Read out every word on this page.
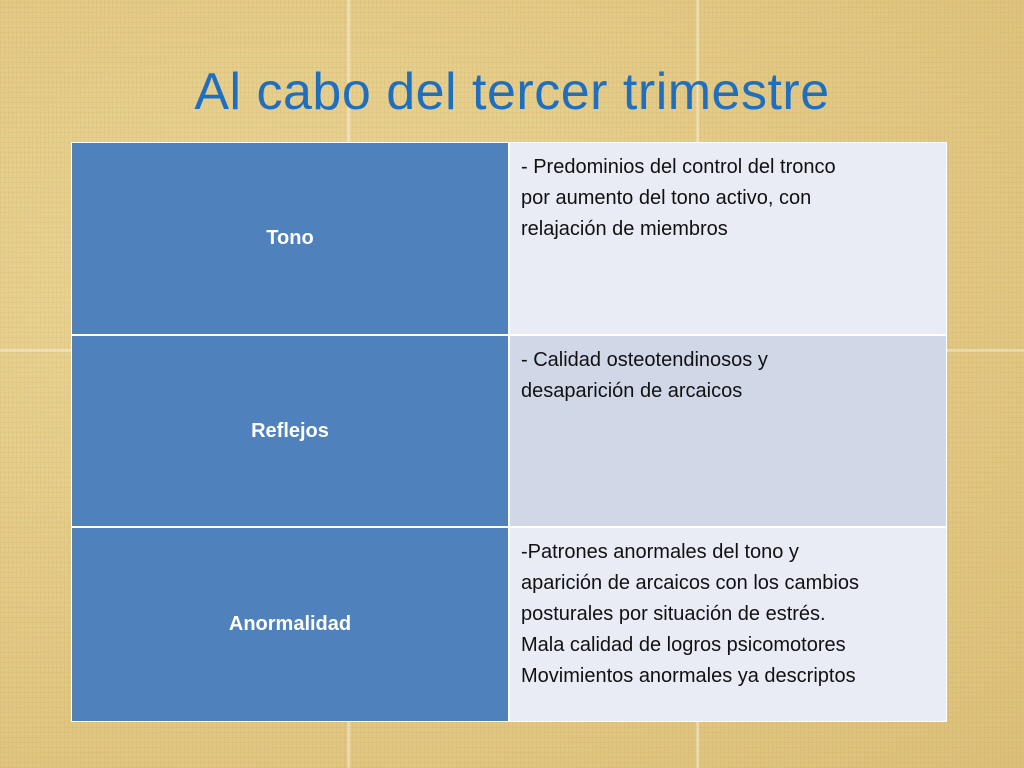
Al cabo del tercer trimestre
Tono
- Predominios del control del tronco
por aumento del tono activo, con
relajación de miembros
Reflejos
- Calidad osteotendinosos y
desaparición de arcaicos
Anormalidad
-Patrones anormales del tono y
aparición de arcaicos con los cambios
posturales por situación de estrés.
Mala calidad de logros psicomotores
Movimientos anormales ya descriptos
